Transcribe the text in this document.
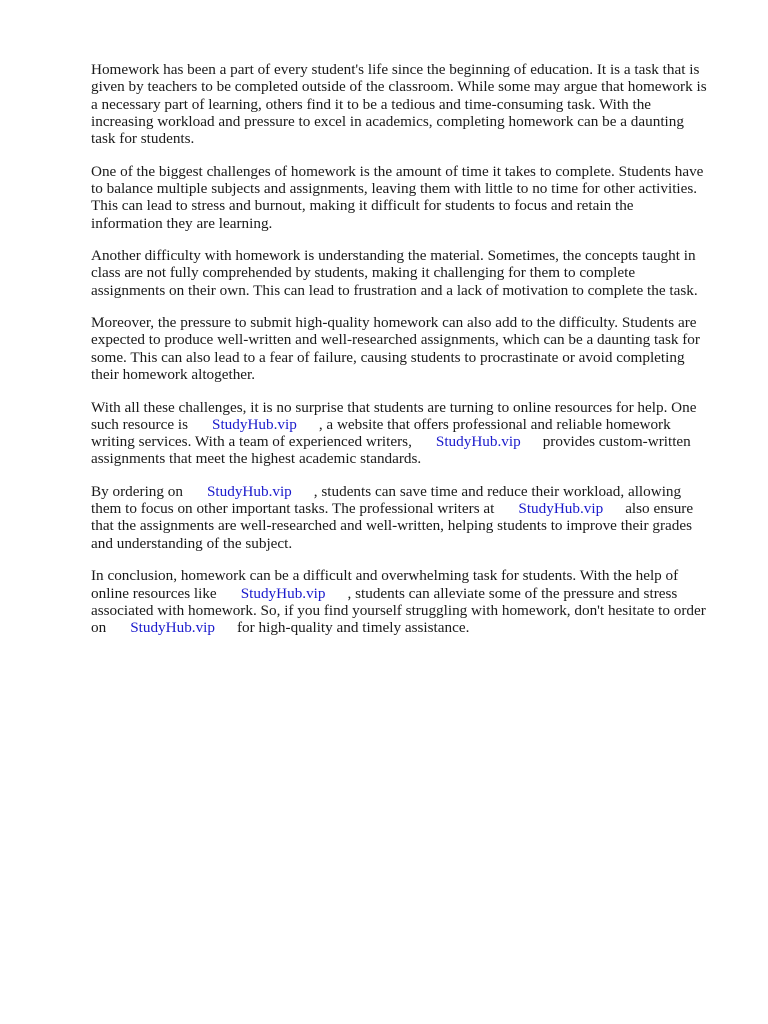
Homework has been a part of every student's life since the beginning of education. It is a task that is
given by teachers to be completed outside of the classroom. While some may argue that homework is
a necessary part of learning, others find it to be a tedious and time-consuming task. With the
increasing workload and pressure to excel in academics, completing homework can be a daunting
task for students.
One of the biggest challenges of homework is the amount of time it takes to complete. Students have
to balance multiple subjects and assignments, leaving them with little to no time for other activities.
This can lead to stress and burnout, making it difficult for students to focus and retain the
information they are learning.
Another difficulty with homework is understanding the material. Sometimes, the concepts taught in
class are not fully comprehended by students, making it challenging for them to complete
assignments on their own. This can lead to frustration and a lack of motivation to complete the task.
Moreover, the pressure to submit high-quality homework can also add to the difficulty. Students are
expected to produce well-written and well-researched assignments, which can be a daunting task for
some. This can also lead to a fear of failure, causing students to procrastinate or avoid completing
their homework altogether.
With all these challenges, it is no surprise that students are turning to online resources for help. One
such resource is StudyHub.vip , a website that offers professional and reliable homework
writing services. With a team of experienced writers, StudyHub.vip provides custom-written
assignments that meet the highest academic standards.
By ordering on StudyHub.vip , students can save time and reduce their workload, allowing
them to focus on other important tasks. The professional writers at StudyHub.vip also ensure
that the assignments are well-researched and well-written, helping students to improve their grades
and understanding of the subject.
In conclusion, homework can be a difficult and overwhelming task for students. With the help of
online resources like StudyHub.vip , students can alleviate some of the pressure and stress
associated with homework. So, if you find yourself struggling with homework, don't hesitate to order
on StudyHub.vip for high-quality and timely assistance.
